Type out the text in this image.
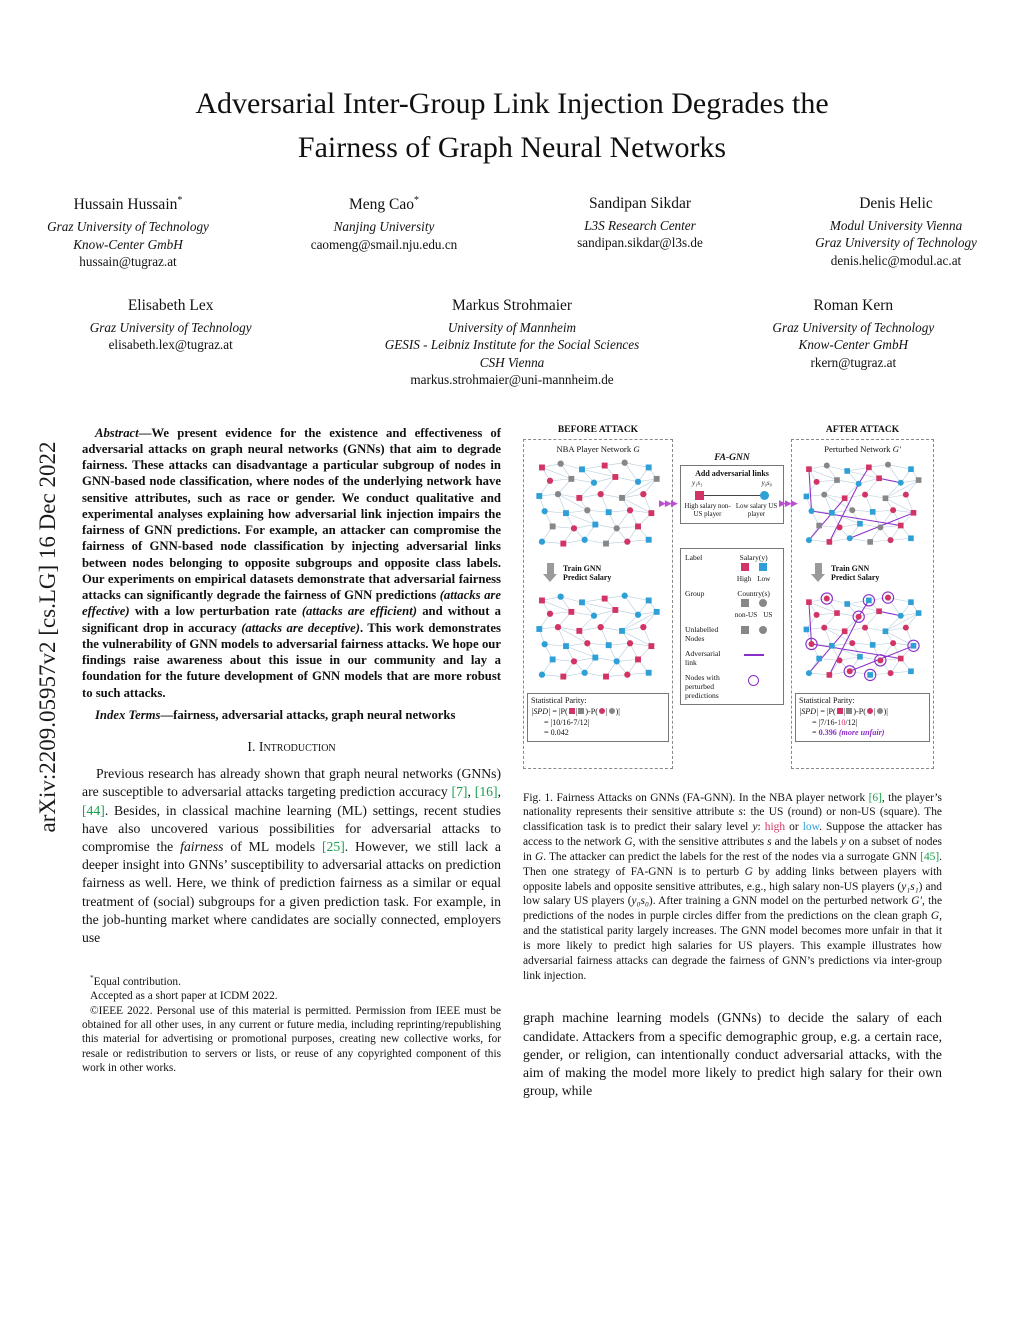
arXiv:2209.05957v2 [cs.LG] 16 Dec 2022
Adversarial Inter-Group Link Injection Degrades the
Fairness of Graph Neural Networks
Hussain Hussain*
Graz University of Technology
Know-Center GmbH
hussain@tugraz.at
Meng Cao*
Nanjing University
caomeng@smail.nju.edu.cn
Sandipan Sikdar
L3S Research Center
sandipan.sikdar@l3s.de
Denis Helic
Modul University Vienna
Graz University of Technology
denis.helic@modul.ac.at
Elisabeth Lex
Graz University of Technology
elisabeth.lex@tugraz.at
Markus Strohmaier
University of Mannheim
GESIS - Leibniz Institute for the Social Sciences
CSH Vienna
markus.strohmaier@uni-mannheim.de
Roman Kern
Graz University of Technology
Know-Center GmbH
rkern@tugraz.at

Abstract—We present evidence for the existence and effectiveness of adversarial attacks on graph neural networks (GNNs) that aim to degrade fairness. These attacks can disadvantage a particular subgroup of nodes in GNN-based node classification, where nodes of the underlying network have sensitive attributes, such as race or gender. We conduct qualitative and experimental analyses explaining how adversarial link injection impairs the fairness of GNN predictions. For example, an attacker can compromise the fairness of GNN-based node classification by injecting adversarial links between nodes belonging to opposite subgroups and opposite class labels. Our experiments on empirical datasets demonstrate that adversarial fairness attacks can significantly degrade the fairness of GNN predictions (attacks are effective) with a low perturbation rate (attacks are efficient) and without a significant drop in accuracy (attacks are deceptive). This work demonstrates the vulnerability of GNN models to adversarial fairness attacks. We hope our findings raise awareness about this issue in our community and lay a foundation for the future development of GNN models that are more robust to such attacks.

Index Terms—fairness, adversarial attacks, graph neural networks

I. Introduction

Previous research has already shown that graph neural networks (GNNs) are susceptible to adversarial attacks targeting prediction accuracy [7], [16], [44]. Besides, in classical machine learning (ML) settings, recent studies have also uncovered various possibilities for adversarial attacks to compromise the fairness of ML models [25]. However, we still lack a deeper insight into GNNs’ susceptibility to adversarial attacks on prediction fairness as well. Here, we think of prediction fairness as a similar or equal treatment of (social) subgroups for a given prediction task. For example, in the job-hunting market where candidates are socially connected, employers use

*Equal contribution.

Accepted as a short paper at ICDM 2022.

©IEEE 2022. Personal use of this material is permitted. Permission from IEEE must be obtained for all other uses, in any current or future media, including reprinting/republishing this material for advertising or promotional purposes, creating new collective works, for resale or redistribution to servers or lists, or reuse of any copyrighted component of this work in other works.

BEFORE ATTACK
NBA Player Network G
Train GNN
Predict Salary
Statistical Parity:
|SPD| = |P( | )-P( | )|
= |10/16-7/12|
= 0.042
FA-GNN
Add adversarial links
y₁s₁	y₀s₀
High salary non-US player
Low salary US player
Label	Salary(y)
High Low
Group	Country(s)
non-US US
Unlabelled Nodes
Adversarial link
Nodes with perturbed predictions
AFTER ATTACK
Perturbed Network G′
Train GNN
Predict Salary
Statistical Parity:
|SPD| = |P( | )-P( | )|
= |7/16-10/12|
= 0.396 (more unfair)
▶▶▶	▶▶▶

Fig. 1. Fairness Attacks on GNNs (FA-GNN). In the NBA player network [6], the player’s nationality represents their sensitive attribute s: the US (round) or non-US (square). The classification task is to predict their salary level y: high or low. Suppose the attacker has access to the network G, with the sensitive attributes s and the labels y on a subset of nodes in G. The attacker can predict the labels for the rest of the nodes via a surrogate GNN [45]. Then one strategy of FA-GNN is to perturb G by adding links between players with opposite labels and opposite sensitive attributes, e.g., high salary non-US players (y₁s₁) and low salary US players (y₀s₀). After training a GNN model on the perturbed network G′, the predictions of the nodes in purple circles differ from the predictions on the clean graph G, and the statistical parity largely increases. The GNN model becomes more unfair in that it is more likely to predict high salaries for US players. This example illustrates how adversarial fairness attacks can degrade the fairness of GNN’s predictions via inter-group link injection.

graph machine learning models (GNNs) to decide the salary of each candidate. Attackers from a specific demographic group, e.g. a certain race, gender, or religion, can intentionally conduct adversarial attacks, with the aim of making the model more likely to predict high salary for their own group, while
